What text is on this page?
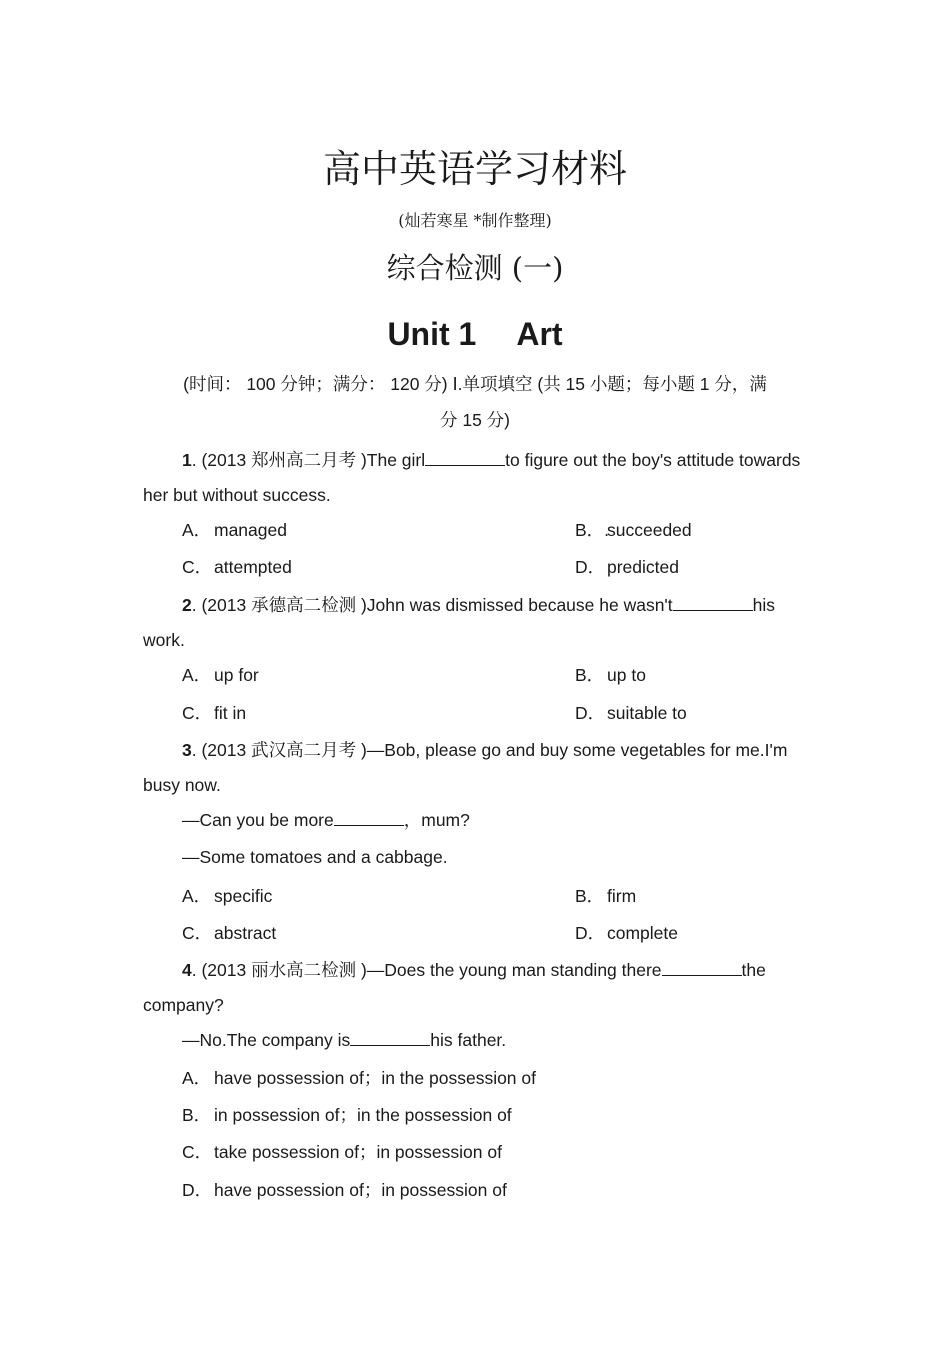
高中英语学习材料
(灿若寒星 *制作整理)
综合检测 (一)
Unit 1 Art
(时间： 100 分钟；满分： 120 分) Ⅰ.单项填空 (共 15 小题；每小题 1 分，满
分 15 分)
1. (2013 郑州高二月考 )The girl	to figure out the boy's attitude towards
her but without success.
A． managed	B．.succeeded
C． attempted	D． predicted
2. (2013 承德高二检测 )John was dismissed because he wasn't	his
work.
A． up for	B． up to
C． fit in	D． suitable to
3. (2013 武汉高二月考 )—Bob, please go and buy some vegetables for me.I'm
busy now.
—Can you be more	，mum?
—Some tomatoes and a cabbage.
A． specific	B． firm
C． abstract	D． complete
4. (2013 丽水高二检测 )—Does the young man standing there	the
company?
—No.The company is	his father.
A． have possession of；in the possession of
B． in possession of；in the possession of
C． take possession of；in possession of
D． have possession of；in possession of
